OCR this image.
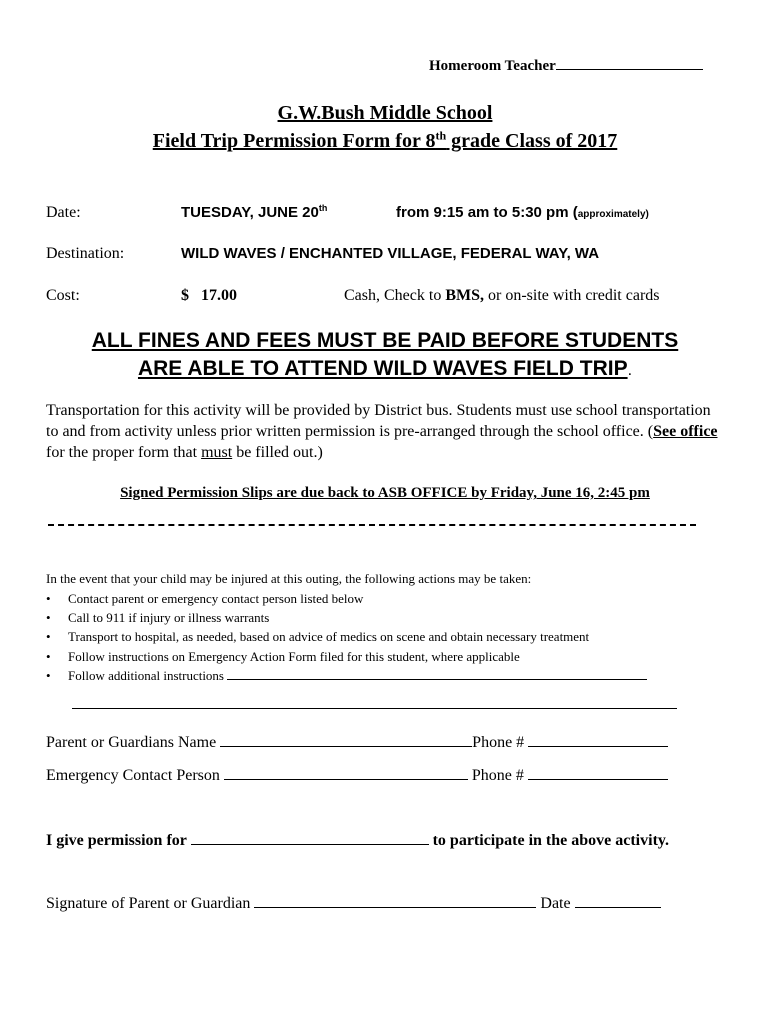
Homeroom Teacher
G.W.Bush Middle School
Field Trip Permission Form for 8th grade Class of 2017
Date:	TUESDAY, JUNE 20th	from 9:15 am to 5:30 pm (approximately)
Destination:	WILD WAVES / ENCHANTED VILLAGE, FEDERAL WAY, WA
Cost:	$   17.00	Cash, Check to BMS, or on-site with credit cards
ALL FINES AND FEES MUST BE PAID BEFORE STUDENTS
ARE ABLE TO ATTEND WILD WAVES FIELD TRIP.
Transportation for this activity will be provided by District bus. Students must use school transportation to and from activity unless prior written permission is pre-arranged through the school office. (See office for the proper form that must be filled out.)
Signed Permission Slips are due back to ASB OFFICE by Friday, June 16, 2:45 pm
In the event that your child may be injured at this outing, the following actions may be taken:
• Contact parent or emergency contact person listed below
• Call to 911 if injury or illness warrants
• Transport to hospital, as needed, based on advice of medics on scene and obtain necessary treatment
• Follow instructions on Emergency Action Form filed for this student, where applicable
• Follow additional instructions
Parent or Guardians Name	Phone #
Emergency Contact Person	Phone #
I give permission for	to participate in the above activity.
Signature of Parent or Guardian	Date
